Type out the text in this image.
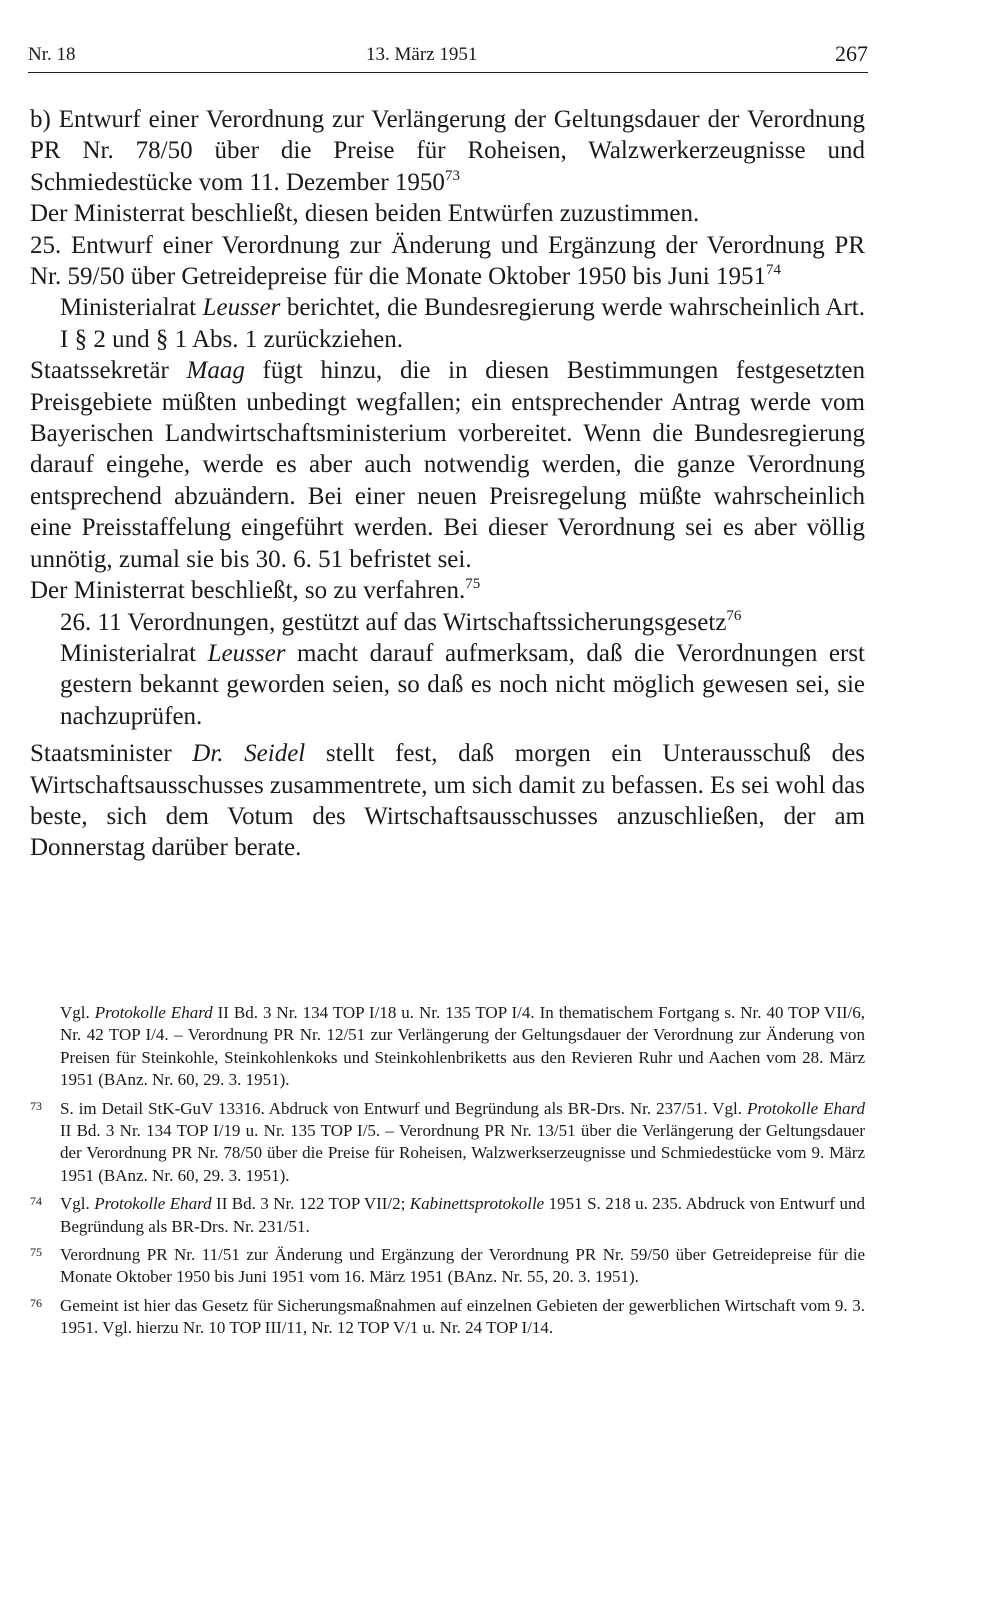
Nr. 18	13. März 1951	267

b) Entwurf einer Verordnung zur Verlängerung der Geltungsdauer der Verordnung PR Nr. 78/50 über die Preise für Roheisen, Walzwerkerzeugnisse und Schmiedestücke vom 11. Dezember 1950$^{73}$

Der Ministerrat beschließt, diesen beiden Entwürfen zuzustimmen.

25. Entwurf einer Verordnung zur Änderung und Ergänzung der Verordnung PR Nr. 59/50 über Getreidepreise für die Monate Oktober 1950 bis Juni 1951$^{74}$

Ministerialrat Leusser berichtet, die Bundesregierung werde wahrscheinlich Art. I § 2 und § 1 Abs. 1 zurückziehen.

Staatssekretär Maag fügt hinzu, die in diesen Bestimmungen festgesetzten Preisgebiete müßten unbedingt wegfallen; ein entsprechender Antrag werde vom Bayerischen Landwirtschaftsministerium vorbereitet. Wenn die Bundesregierung darauf eingehe, werde es aber auch notwendig werden, die ganze Verordnung entsprechend abzuändern. Bei einer neuen Preisregelung müßte wahrscheinlich eine Preisstaffelung eingeführt werden. Bei dieser Verordnung sei es aber völlig unnötig, zumal sie bis 30. 6. 51 befristet sei.

Der Ministerrat beschließt, so zu verfahren.$^{75}$

26. 11 Verordnungen, gestützt auf das Wirtschaftssicherungsgesetz$^{76}$

Ministerialrat Leusser macht darauf aufmerksam, daß die Verordnungen erst gestern bekannt geworden seien, so daß es noch nicht möglich gewesen sei, sie nachzuprüfen.

Staatsminister Dr. Seidel stellt fest, daß morgen ein Unterausschuß des Wirtschaftsausschusses zusammentrete, um sich damit zu befassen. Es sei wohl das beste, sich dem Votum des Wirtschaftsausschusses anzuschließen, der am Donnerstag darüber berate.

Vgl. Protokolle Ehard II Bd. 3 Nr. 134 TOP I/18 u. Nr. 135 TOP I/4. In thematischem Fortgang s. Nr. 40 TOP VII/6, Nr. 42 TOP I/4. – Verordnung PR Nr. 12/51 zur Verlängerung der Geltungsdauer der Verordnung zur Änderung von Preisen für Steinkohle, Steinkohlenkoks und Steinkohlenbriketts aus den Revieren Ruhr und Aachen vom 28. März 1951 (BAnz. Nr. 60, 29. 3. 1951).
73 S. im Detail StK-GuV 13316. Abdruck von Entwurf und Begründung als BR-Drs. Nr. 237/51. Vgl. Protokolle Ehard II Bd. 3 Nr. 134 TOP I/19 u. Nr. 135 TOP I/5. – Verordnung PR Nr. 13/51 über die Verlängerung der Geltungsdauer der Verordnung PR Nr. 78/50 über die Preise für Roheisen, Walzwerkserzeugnisse und Schmiedestücke vom 9. März 1951 (BAnz. Nr. 60, 29. 3. 1951).
74 Vgl. Protokolle Ehard II Bd. 3 Nr. 122 TOP VII/2; Kabinettsprotokolle 1951 S. 218 u. 235. Abdruck von Entwurf und Begründung als BR-Drs. Nr. 231/51.
75 Verordnung PR Nr. 11/51 zur Änderung und Ergänzung der Verordnung PR Nr. 59/50 über Getreidepreise für die Monate Oktober 1950 bis Juni 1951 vom 16. März 1951 (BAnz. Nr. 55, 20. 3. 1951).
76 Gemeint ist hier das Gesetz für Sicherungsmaßnahmen auf einzelnen Gebieten der gewerblichen Wirtschaft vom 9. 3. 1951. Vgl. hierzu Nr. 10 TOP III/11, Nr. 12 TOP V/1 u. Nr. 24 TOP I/14.
